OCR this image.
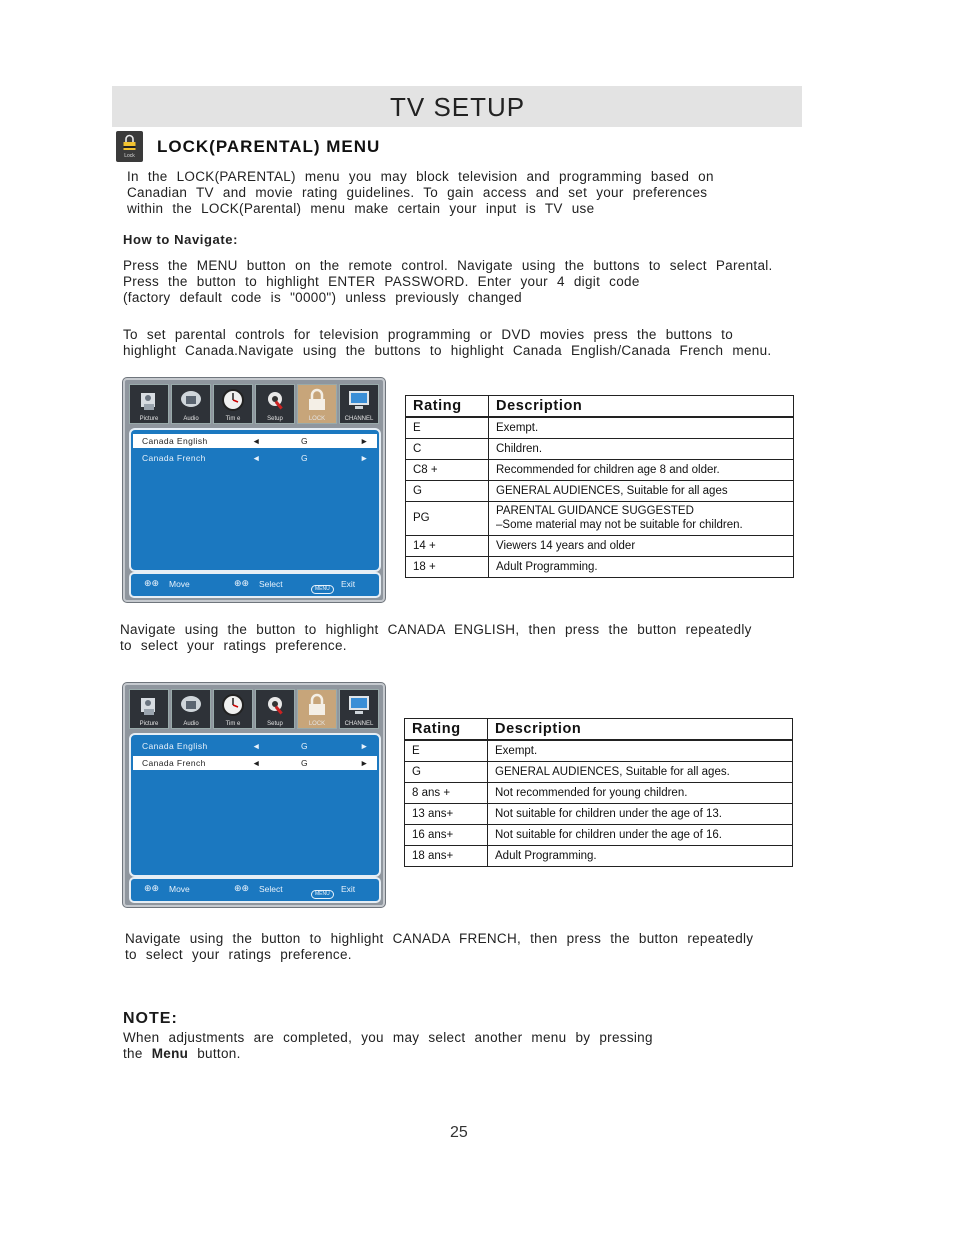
TV SETUP
Lock	LOCK(PARENTAL) MENU

In the LOCK(PARENTAL) menu you may block television and programming based on

Canadian TV and movie rating guidelines. To gain access and set your preferences

within the LOCK(Parental) menu make certain your input is TV use

How to Navigate:

Press the MENU button on the remote control. Navigate using the buttons to select Parental.

Press the button to highlight ENTER PASSWORD. Enter your 4 digit code

(factory default code is "0000") unless previously changed

To set parental controls for television programming or DVD movies press the buttons to

highlight Canada.Navigate using the buttons to highlight Canada English/Canada French menu.

Picture	Audio	Tim e	Setup	LOCK	CHANNEL
Canada English	◄	G	►
Canada French	◄	G	►
⊕⊕ Move	⊕⊕ Select	MENU	Exit
Rating	Description
E	Exempt.
C	Children.
C8 +	Recommended for children age 8 and older.
G	GENERAL AUDIENCES, Suitable for all ages
PG	PARENTAL GUIDANCE SUGGESTED
–Some material may not be suitable for children.

14 +	Viewers 14 years and older
18 +	Adult Programming.

Navigate using the button to highlight CANADA ENGLISH, then press the button repeatedly

to select your ratings preference.

Picture	Audio	Tim e	Setup	LOCK	CHANNEL
Canada English	◄	G	►
Canada French	◄	G	►
⊕⊕ Move	⊕⊕ Select	MENU	Exit
Rating	Description
E	Exempt.
G	GENERAL AUDIENCES, Suitable for all ages.
8 ans +	Not recommended for young children.
13 ans+	Not suitable for children under the age of 13.
16 ans+	Not suitable for children under the age of 16.
18 ans+	Adult Programming.

Navigate using the button to highlight CANADA FRENCH, then press the button repeatedly

to select your ratings preference.

NOTE:

When adjustments are completed, you may select another menu by pressing

the Menu button.

25
